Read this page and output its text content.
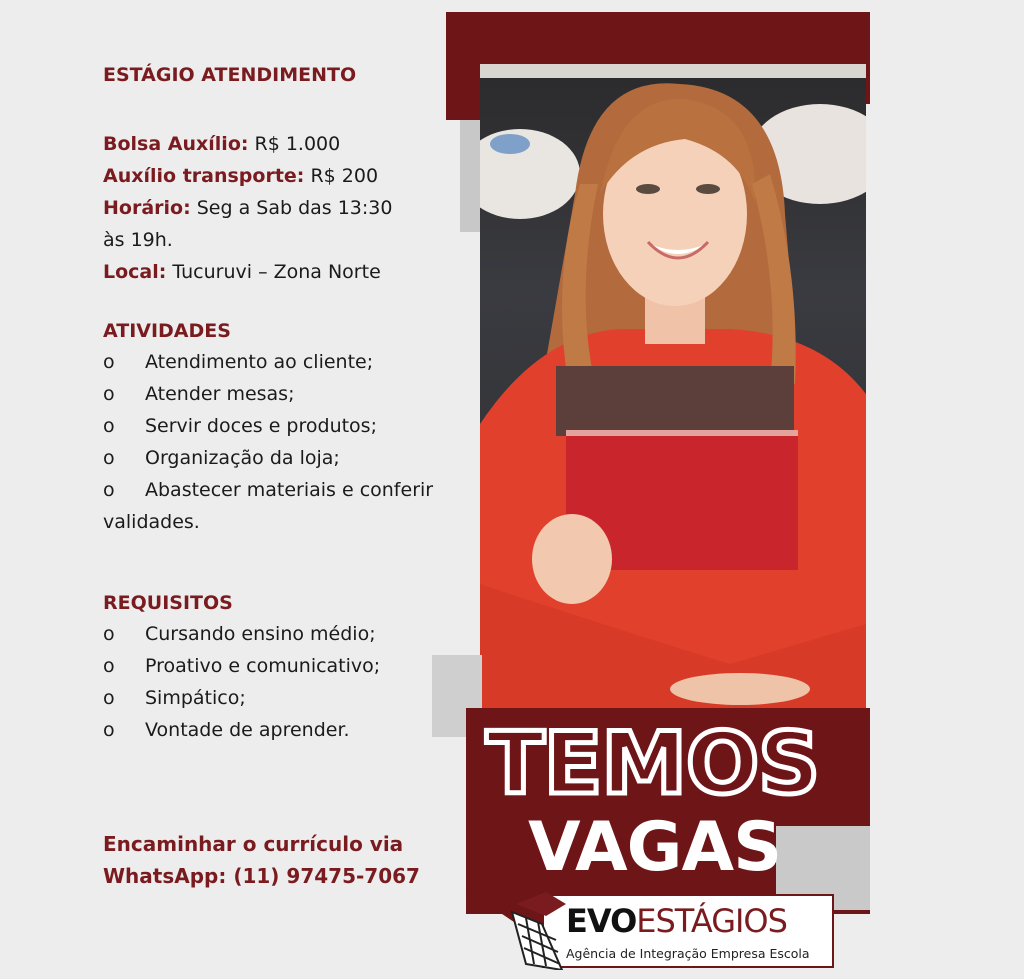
ESTÁGIO ATENDIMENTO
Bolsa Auxílio: R$ 1.000
Auxílio transporte: R$ 200
Horário: Seg a Sab das 13:30
às 19h.
Local: Tucuruvi – Zona Norte
ATIVIDADES
o	Atendimento ao cliente;
o	Atender mesas;
o	Servir doces e produtos;
o	Organização da loja;
o	Abastecer materiais e conferir
validades.
REQUISITOS
o	Cursando ensino médio;
o	Proativo e comunicativo;
o	Simpático;
o	Vontade de aprender.
Encaminhar o currículo via
WhatsApp: (11) 97475-7067
TEMOS
VAGAS
EVOESTÁGIOS
Agência de Integração Empresa Escola
